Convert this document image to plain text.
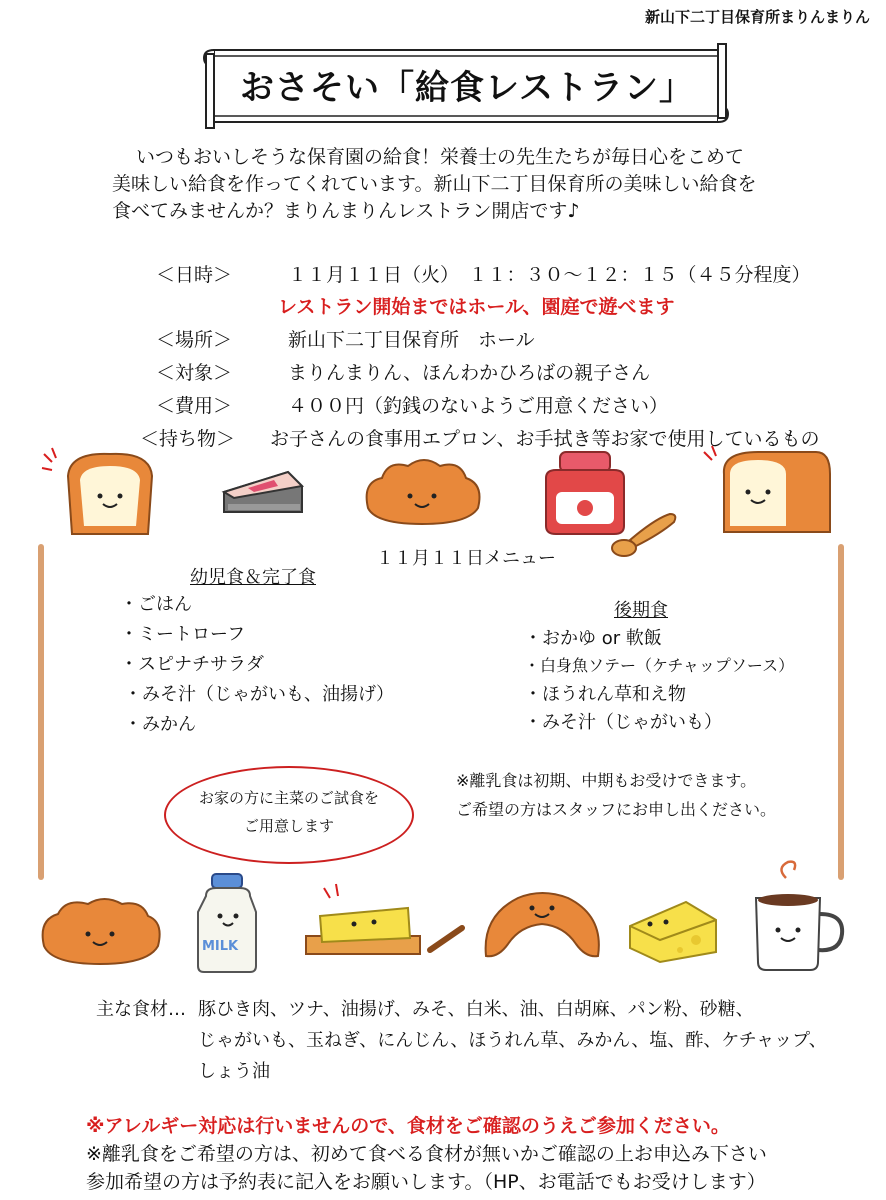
新山下二丁目保育所まりんまりん
おさそい「給食レストラン」
いつもおいしそうな保育園の給食！栄養士の先生たちが毎日心をこめて
美味しい給食を作ってくれています。新山下二丁目保育所の美味しい給食を
食べてみませんか？まりんまりんレストラン開店です♪
＜日時＞	１１月１１日（火）　１１：３０〜１２：１５（４５分程度）
レストラン開始まではホール、園庭で遊べます
＜場所＞	新山下二丁目保育所　ホール
＜対象＞	まりんまりん、ほんわかひろばの親子さん
＜費用＞	４００円（釣銭のないようご用意ください）
＜持ち物＞ お子さんの食事用エプロン、お手拭き等お家で使用しているもの
１１月１１日メニュー
幼児食＆完了食
・ごはん
・ミートローフ
・スピナチサラダ
・みそ汁（じゃがいも、油揚げ）
・みかん
後期食
・おかゆ or 軟飯
・白身魚ソテー（ケチャップソース）
・ほうれん草和え物
・みそ汁（じゃがいも）
お家の方に主菜のご試食を
ご用意します
※離乳食は初期、中期もお受けできます。
ご希望の方はスタッフにお申し出ください。
MILK
主な食材… 豚ひき肉、ツナ、油揚げ、みそ、白米、油、白胡麻、パン粉、砂糖、
じゃがいも、玉ねぎ、にんじん、ほうれん草、みかん、塩、酢、ケチャップ、
しょう油
※アレルギー対応は行いませんので、食材をご確認のうえご参加ください。
※離乳食をご希望の方は、初めて食べる食材が無いかご確認の上お申込み下さい
参加希望の方は予約表に記入をお願いします。（HP、お電話でもお受けします）
